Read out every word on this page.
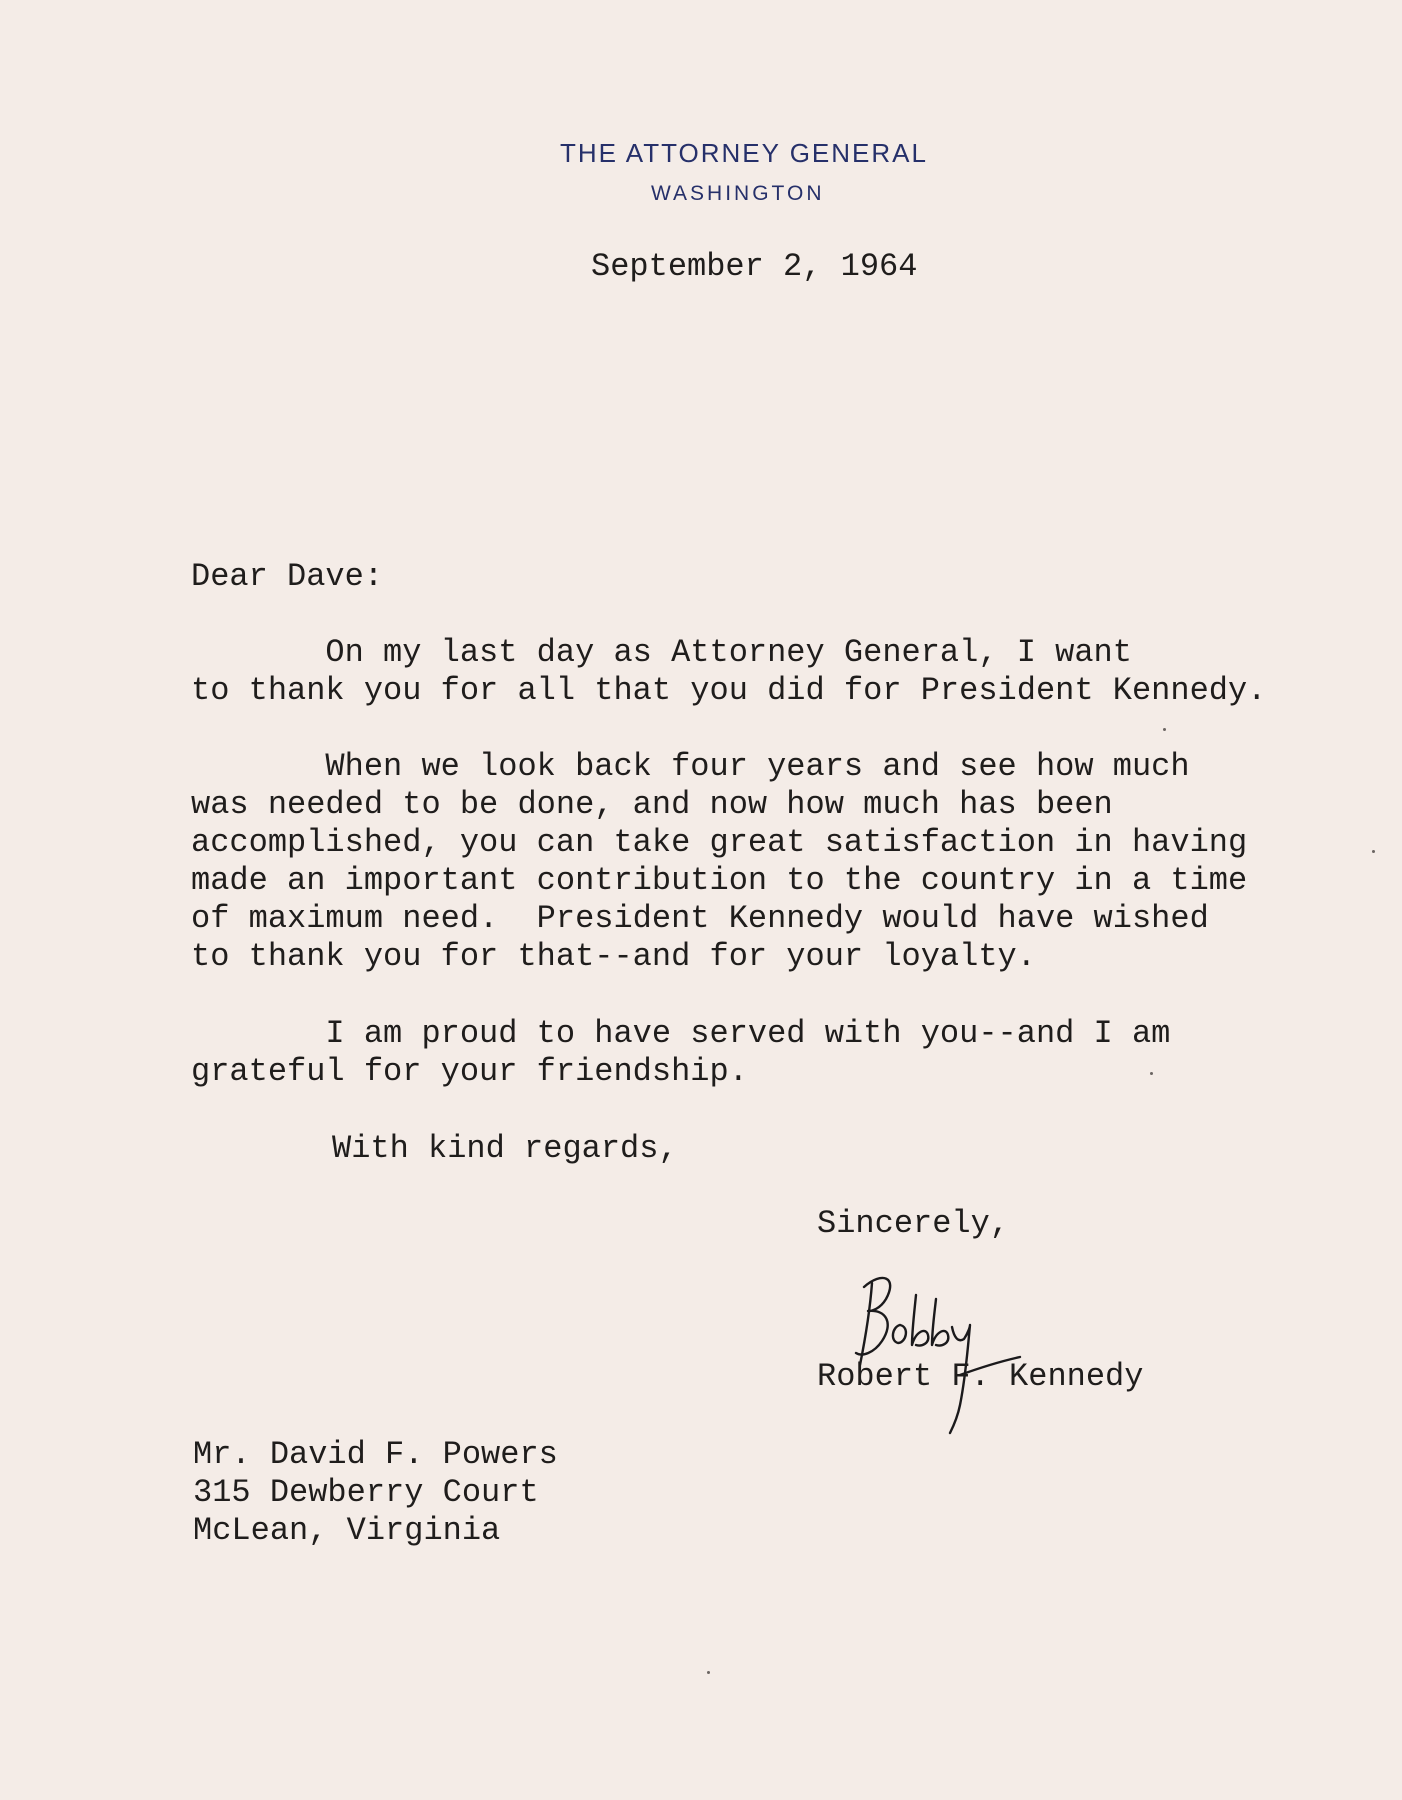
THE ATTORNEY GENERAL
WASHINGTON
September 2, 1964
Dear Dave:
On my last day as Attorney General, I want
to thank you for all that you did for President Kennedy.
When we look back four years and see how much
was needed to be done, and now how much has been
accomplished, you can take great satisfaction in having
made an important contribution to the country in a time
of maximum need.  President Kennedy would have wished
to thank you for that--and for your loyalty.
I am proud to have served with you--and I am
grateful for your friendship.
With kind regards,
Sincerely,
Robert F. Kennedy
Mr. David F. Powers
315 Dewberry Court
McLean, Virginia
